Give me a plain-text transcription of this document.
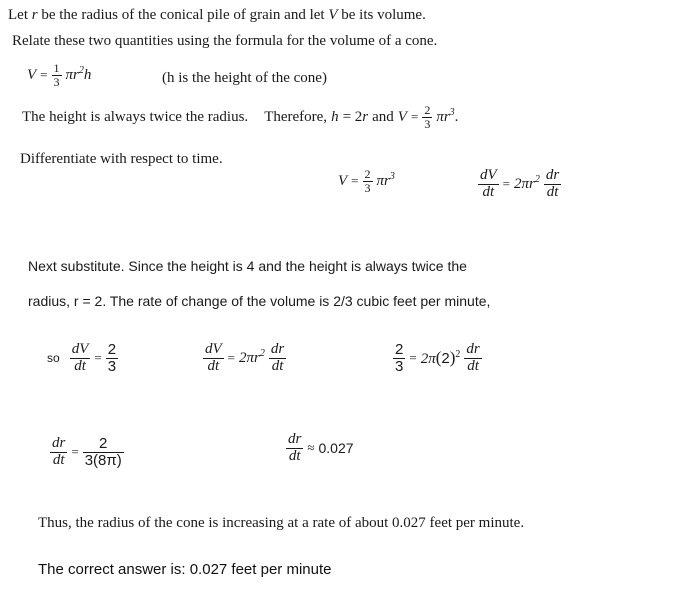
Let r be the radius of the conical pile of grain and let V be its volume.
Relate these two quantities using the formula for the volume of a cone.
$V = \frac{1}{3} \pi r^2h$	(h is the height of the cone)
The height is always twice the radius. Therefore, h = 2 r and $V = \frac{2}{3} \pi r^3$ .
Differentiate with respect to time.
$V = \frac{2}{3} \pi r^3$	$\frac{dV}{dt} = 2\pi r^2 \frac{dr}{dt}$
Next substitute. Since the height is 4 and the height is always twice the
radius, r = 2. The rate of change of the volume is 2/3 cubic feet per minute,
so $\frac{dV}{dt} = \frac{2}{3}$	$\frac{dV}{dt} = 2\pi r^2 \frac{dr}{dt}$	$\frac{2}{3} = 2\pi(2)^2 \frac{dr}{dt}$
$\frac{dr}{dt} = \frac{2}{3(8\pi)}$	$\frac{dr}{dt} \approx 0.027$
Thus, the radius of the cone is increasing at a rate of about 0.027 feet per minute.
The correct answer is: 0.027 feet per minute
